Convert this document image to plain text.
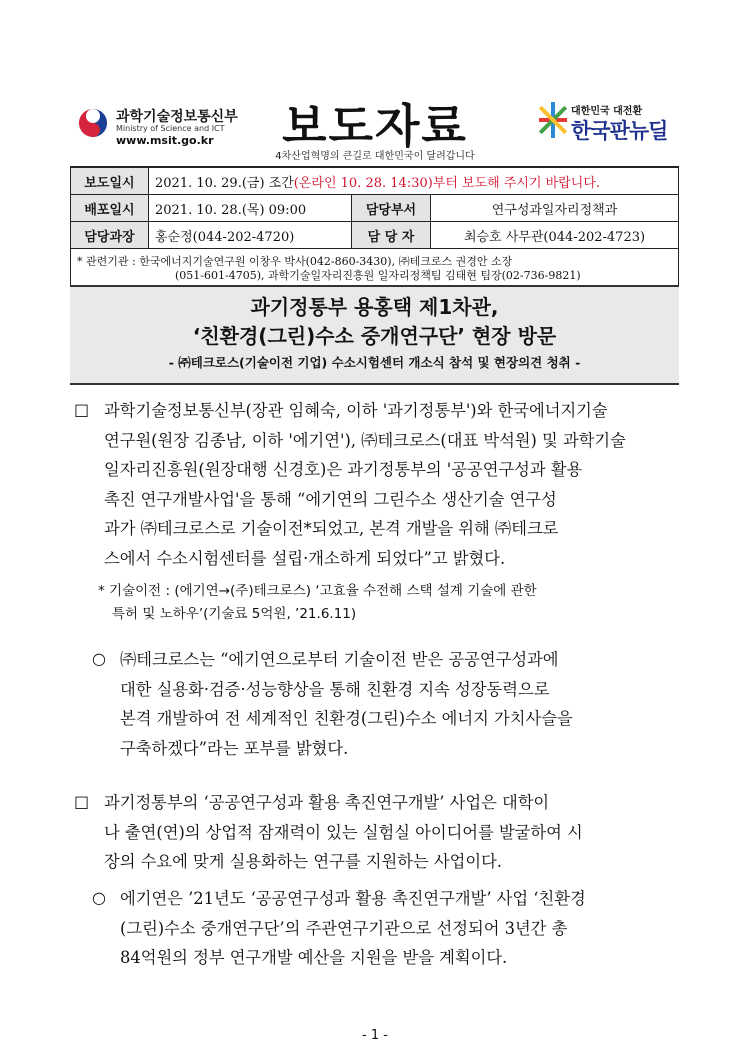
과학기술정보통신부
Ministry of Science and ICT
www.msit.go.kr	보도자료
4차산업혁명의 큰길로 대한민국이 달려갑니다
대한민국 대전환
한국판뉴딜
보도일시	2021. 10. 29.(금) 조간(온라인 10. 28. 14:30)부터 보도해 주시기 바랍니다.		
배포일시	2021. 10. 28.(목) 09:00	담당부서	연구성과일자리정책과
담당과장	홍순정(044-202-4720)	담 당 자	최승호 사무관(044-202-4723)

* 관련기관 : 한국에너지기술연구원 이창우 박사(042-860-3430), ㈜테크로스 권경안 소장
(051-601-4705), 과학기술일자리진흥원 일자리정책팀 김태현 팀장(02-736-9821)			
과기정통부 용홍택 제1차관,
‘친환경(그린)수소 중개연구단’ 현장 방문
- ㈜테크로스(기술이전 기업) 수소시험센터 개소식 참석 및 현장의견 청취 -
□ 과학기술정보통신부(장관 임혜숙, 이하 '과기정통부')와 한국에너지기술
연구원(원장 김종남, 이하 '에기연'), ㈜테크로스(대표 박석원) 및 과학기술
일자리진흥원(원장대행 신경호)은 과기정통부의 '공공연구성과 활용
촉진 연구개발사업'을 통해 “에기연의 그린수소 생산기술 연구성
과가 ㈜테크로스로 기술이전*되었고, 본격 개발을 위해 ㈜테크로
스에서 수소시험센터를 설립·개소하게 되었다”고 밝혔다.
* 기술이전 : (에기연→(주)테크로스) ‘고효율 수전해 스택 설계 기술에 관한
특허 및 노하우’(기술료 5억원, ’21.6.11)
○ ㈜테크로스는 “에기연으로부터 기술이전 받은 공공연구성과에
대한 실용화·검증·성능향상을 통해 친환경 지속 성장동력으로
본격 개발하여 전 세계적인 친환경(그린)수소 에너지 가치사슬을
구축하겠다”라는 포부를 밝혔다.
□ 과기정통부의 ‘공공연구성과 활용 촉진연구개발’ 사업은 대학이
나 출연(연)의 상업적 잠재력이 있는 실험실 아이디어를 발굴하여 시
장의 수요에 맞게 실용화하는 연구를 지원하는 사업이다.
○ 에기연은 ’21년도 ‘공공연구성과 활용 촉진연구개발’ 사업 ‘친환경
(그린)수소 중개연구단’의 주관연구기관으로 선정되어 3년간 총
84억원의 정부 연구개발 예산을 지원을 받을 계획이다.
- 1 -
